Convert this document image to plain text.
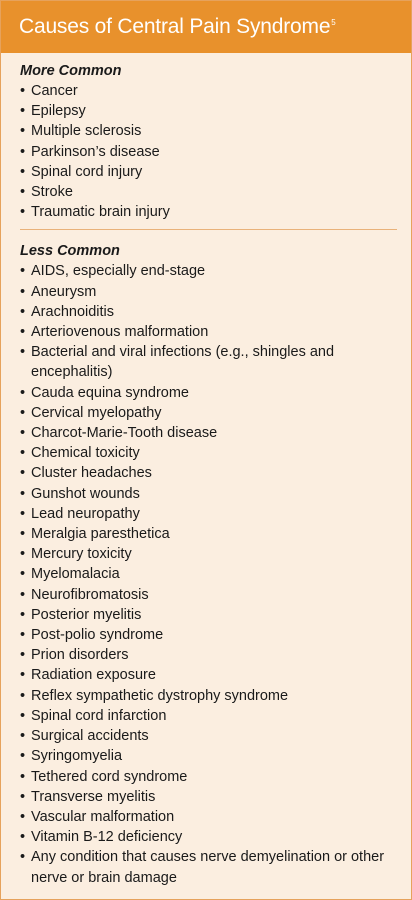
Causes of Central Pain Syndrome$^5$
More Common
• Cancer
• Epilepsy
• Multiple sclerosis
• Parkinson’s disease
• Spinal cord injury
• Stroke
• Traumatic brain injury
Less Common
• AIDS, especially end-stage
• Aneurysm
• Arachnoiditis
• Arteriovenous malformation
• Bacterial and viral infections (e.g., shingles and encephalitis)
• Cauda equina syndrome
• Cervical myelopathy
• Charcot-Marie-Tooth disease
• Chemical toxicity
• Cluster headaches
• Gunshot wounds
• Lead neuropathy
• Meralgia paresthetica
• Mercury toxicity
• Myelomalacia
• Neurofibromatosis
• Posterior myelitis
• Post-polio syndrome
• Prion disorders
• Radiation exposure
• Reflex sympathetic dystrophy syndrome
• Spinal cord infarction
• Surgical accidents
• Syringomyelia
• Tethered cord syndrome
• Transverse myelitis
• Vascular malformation
• Vitamin B-12 deficiency
• Any condition that causes nerve demyelination or other nerve or brain damage
